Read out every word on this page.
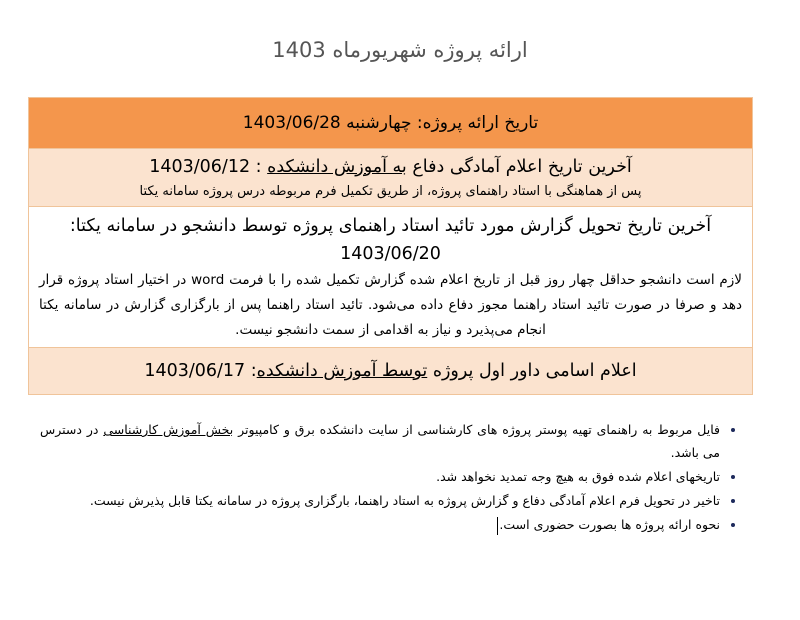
ارائه پروژه شهریورماه 1403
تاریخ ارائه پروژه: چهارشنبه 1403/06/28

آخرین تاریخ اعلام آمادگی دفاع به آموزش دانشکده : 1403/06/12
پس از هماهنگی با استاد راهنمای پروژه، از طریق تکمیل فرم مربوطه درس پروژه سامانه یکتا

آخرین تاریخ تحویل گزارش مورد تائید استاد راهنمای پروژه توسط دانشجو در سامانه یکتا:
1403/06/20
لازم است دانشجو حداقل چهار روز قبل از تاریخ اعلام شده گزارش تکمیل شده را با فرمت word در اختیار استاد پروژه قرار دهد و صرفا در صورت تائید استاد راهنما مجوز دفاع داده می‌شود. تائید استاد راهنما پس از بارگزاری گزارش در سامانه یکتا انجام می‌پذیرد و نیاز به اقدامی از سمت دانشجو نیست.

اعلام اسامی داور اول پروژه توسط آموزش دانشکده: 1403/06/17
• فایل مربوط به راهنمای تهیه پوستر پروژه های کارشناسی از سایت دانشکده برق و کامپیوتر بخش آموزش کارشناسی در دسترس می باشد.
• تاریخهای اعلام شده فوق به هیچ وجه تمدید نخواهد شد.
• تاخیر در تحویل فرم اعلام آمادگی دفاع و گزارش پروژه به استاد راهنما، بارگزاری پروژه در سامانه یکتا قابل پذیرش نیست.
• نحوه ارائه پروژه ها بصورت حضوری است.
